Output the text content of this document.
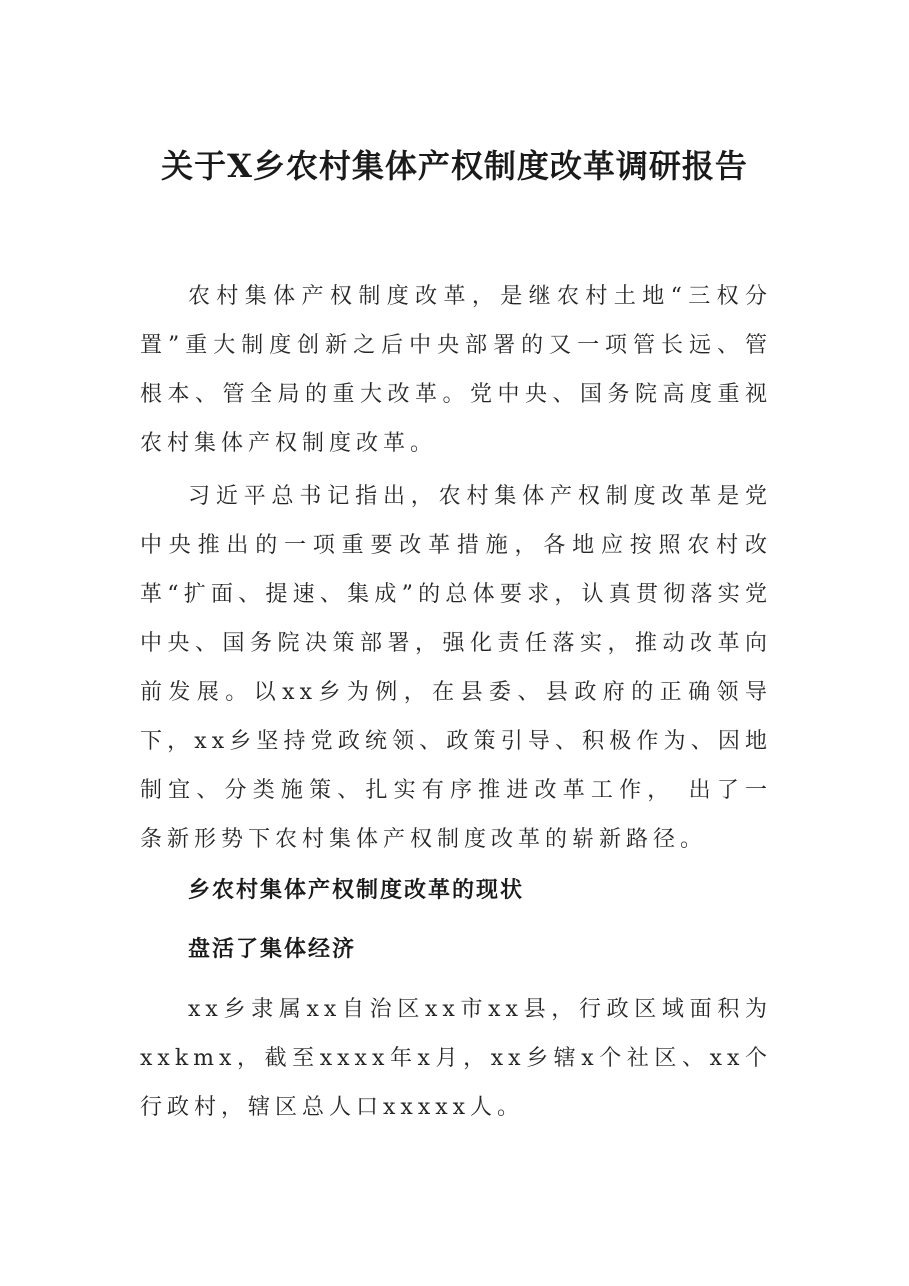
关于X乡农村集体产权制度改革调研报告

农村集体产权制度改革，是继农村土地“三权分置”重大制度创新之后中央部署的又一项管长远、管根本、管全局的重大改革。党中央、国务院高度重视农村集体产权制度改革。

习近平总书记指出，农村集体产权制度改革是党中央推出的一项重要改革措施，各地应按照农村改革“扩面、提速、集成”的总体要求，认真贯彻落实党中央、国务院决策部署，强化责任落实，推动改革向前发展。以xx乡为例，在县委、县政府的正确领导下，xx乡坚持党政统领、政策引导、积极作为、因地制宜、分类施策、扎实有序推进改革工作， 出了一条新形势下农村集体产权制度改革的崭新路径。

乡农村集体产权制度改革的现状

盘活了集体经济

xx乡隶属xx自治区xx市xx县，行政区域面积为xxkmx，截至xxxx年x月，xx乡辖x个社区、xx个行政村，辖区总人口xxxxx人。
